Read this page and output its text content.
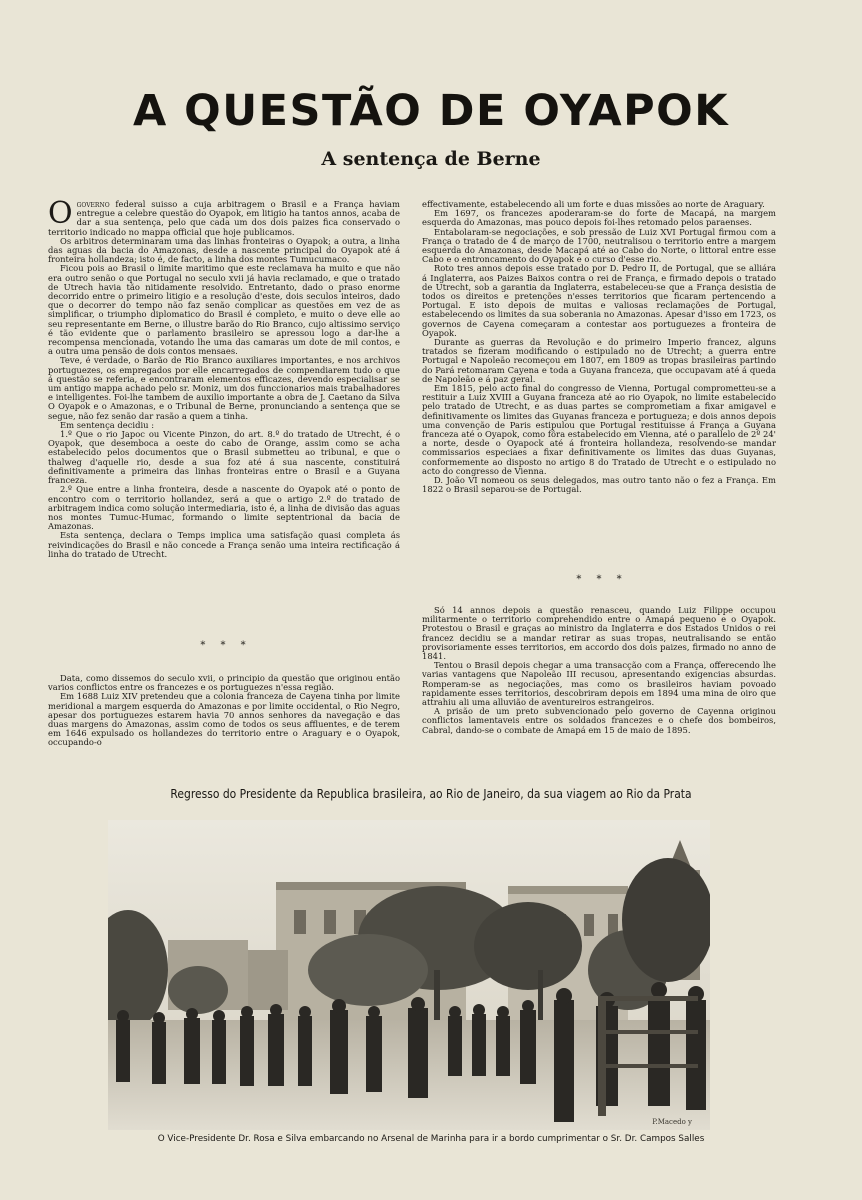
A QUESTÃO DE OYAPOK
A sentença de Berne

Ogoverno federal suisso a cuja arbitragem o Brasil e a França haviam entregue a celebre questão do Oyapok, em litigio ha tantos annos, acaba de dar a sua sentença, pelo que cada um dos dois paizes fica conservado o territorio indicado no mappa official que hoje publicamos.

Os arbitros determinaram uma das linhas fronteiras o Oyapok; a outra, a linha das aguas da bacia do Amazonas, desde a nascente principal do Oyapok até á fronteira hollandeza; isto é, de facto, a linha dos montes Tumucumaco.

Ficou pois ao Brasil o limite maritimo que este reclamava ha muito e que não era outro senão o que Portugal no seculo xvii já havia reclamado, e que o tratado de Utrech havia tão nitidamente resolvido. Entretanto, dado o praso enorme decorrido entre o primeiro litigio e a resolução d'este, dois seculos inteiros, dado que o decorrer do tempo não faz senão complicar as questões em vez de as simplificar, o triumpho diplomatico do Brasil é completo, e muito o deve elle ao seu representante em Berne, o illustre barão do Rio Branco, cujo altissimo serviço é tão evidente que o parlamento brasileiro se apressou logo a dar-lhe a recompensa mencionada, votando lhe uma das camaras um dote de mil contos, e a outra uma pensão de dois contos mensaes.

Teve, é verdade, o Barão de Rio Branco auxiliares importantes, e nos archivos portuguezes, os empregados por elle encarregados de compendiarem tudo o que á questão se referia, e encontraram elementos efficazes, devendo especialisar se um antigo mappa achado pelo sr. Moniz, um dos funccionarios mais trabalhadores e intelligentes. Foi-lhe tambem de auxilio importante a obra de J. Caetano da Silva O Oyapok e o Amazonas, e o Tribunal de Berne, pronunciando a sentença que se segue, não fez senão dar rasão a quem a tinha.

Em sentença decidiu :

1.º Que o rio Japoc ou Vicente Pinzon, do art. 8.º do tratado de Utrecht, é o Oyapok, que desemboca a oeste do cabo de Orange, assim como se acha estabelecido pelos documentos que o Brasil submetteu ao tribunal, e que o thalweg d'aquelle rio, desde a sua foz até á sua nascente, constituirá definitivamente a primeira das linhas fronteiras entre o Brasil e a Guyana franceza.

2.º Que entre a linha fronteira, desde a nascente do Oyapok até o ponto de encontro com o territorio hollandez, será a que o artigo 2.º do tratado de arbitragem indica como solução intermediaria, isto é, a linha de divisão das aguas nos montes Tumuc-Humac, formando o limite septentrional da bacia de Amazonas.

Esta sentença, declara o Temps implica uma satisfação quasi completa ás reivindicações do Brasil e não concede a França senão uma inteira rectificação á linha do tratado de Utrecht.

* * *

Data, como dissemos do seculo xvii, o principio da questão que originou então varios conflictos entre os francezes e os portuguezes n'essa região.

Em 1688 Luiz XIV pretendeu que a colonia franceza de Cayena tinha por limite meridional a margem esquerda do Amazonas e por limite occidental, o Rio Negro, apesar dos portuguezes estarem havia 70 annos senhores da navegação e das duas margens do Amazonas, assim como de todos os seus affluentes, e de terem em 1646 expulsado os hollandezes do territorio entre o Araguary e o Oyapok, occupando-o

effectivamente, estabelecendo ali um forte e duas missões ao norte de Araguary.

Em 1697, os francezes apoderaram-se do forte de Macapá, na margem esquerda do Amazonas, mas pouco depois foi-lhes retomado pelos paraenses.

Entabolaram-se negociações, e sob pressão de Luiz XVI Portugal firmou com a França o tratado de 4 de março de 1700, neutralisou o territorio entre a margem esquerda do Amazonas, desde Macapá até ao Cabo do Norte, o littoral entre esse Cabo e o entroncamento do Oyapok e o curso d'esse rio.

Roto tres annos depois esse tratado por D. Pedro II, de Portugal, que se alliára á Inglaterra, aos Paizes Baixos contra o rei de França, e firmado depois o tratado de Utrecht, sob a garantia da Inglaterra, estabeleceu-se que a França desistia de todos os direitos e pretenções n'esses territorios que ficaram pertencendo a Portugal. E isto depois de muitas e valiosas reclamações de Portugal, estabelecendo os limites da sua soberania no Amazonas. Apesar d'isso em 1723, os governos de Cayena começaram a contestar aos portuguezes a fronteira de Oyapok.

Durante as guerras da Revolução e do primeiro Imperio francez, alguns tratados se fizeram modificando o estipulado no de Utrecht; a guerra entre Portugal e Napoleão recomeçou em 1807, em 1809 as tropas brasileiras partindo do Pará retomaram Cayena e toda a Guyana franceza, que occupavam até á queda de Napoleão e á paz geral.

Em 1815, pelo acto final do congresso de Vienna, Portugal comprometteu-se a restituir a Luiz XVIII a Guyana franceza até ao rio Oyapok, no limite estabelecido pelo tratado de Utrecht, e as duas partes se comprometiam a fixar amigavel e definitivamente os limites das Guyanas franceza e portugueza; e dois annos depois uma convenção de Paris estipulou que Portugal restituisse á França a Guyana franceza até o Oyapok, como fôra estabelecido em Vienna, até o parallelo de 2º 24' a norte, desde o Oyapock até á fronteira hollandeza, resolvendo-se mandar commissarios especiaes a fixar definitivamente os limites das duas Guyanas, conformemente ao disposto no artigo 8 do Tratado de Utrecht e o estipulado no acto do congresso de Vienna.

D. João VI nomeou os seus delegados, mas outro tanto não o fez a França. Em 1822 o Brasil separou-se de Portugal.

* * *

Só 14 annos depois a questão renasceu, quando Luiz Filippe occupou militarmente o territorio comprehendido entre o Amapá pequeno e o Oyapok. Protestou o Brasil e graças ao ministro da Inglaterra e dos Estados Unidos o rei francez decidiu se a mandar retirar as suas tropas, neutralisando se então provisoriamente esses territorios, em accordo dos dois paizes, firmado no anno de 1841.

Tentou o Brasil depois chegar a uma transacção com a França, offerecendo lhe varias vantagens que Napoleão III recusou, apresentando exigencias absurdas. Romperam-se as negociações, mas como os brasileiros haviam povoado rapidamente esses territorios, descobriram depois em 1894 uma mina de oiro que attrahiu ali uma alluvião de aventureiros estrangeiros.

A prisão de um preto subvencionado pelo governo de Cayenna originou conflictos lamentaveis entre os soldados francezes e o chefe dos bombeiros, Cabral, dando-se o combate de Amapá em 15 de maio de 1895.

Regresso do Presidente da Republica brasileira, ao Rio de Janeiro, da sua viagem ao Rio da Prata
P.Macedo y
O Vice-Presidente Dr. Rosa e Silva embarcando no Arsenal de Marinha para ir a bordo cumprimentar o Sr. Dr. Campos Salles
